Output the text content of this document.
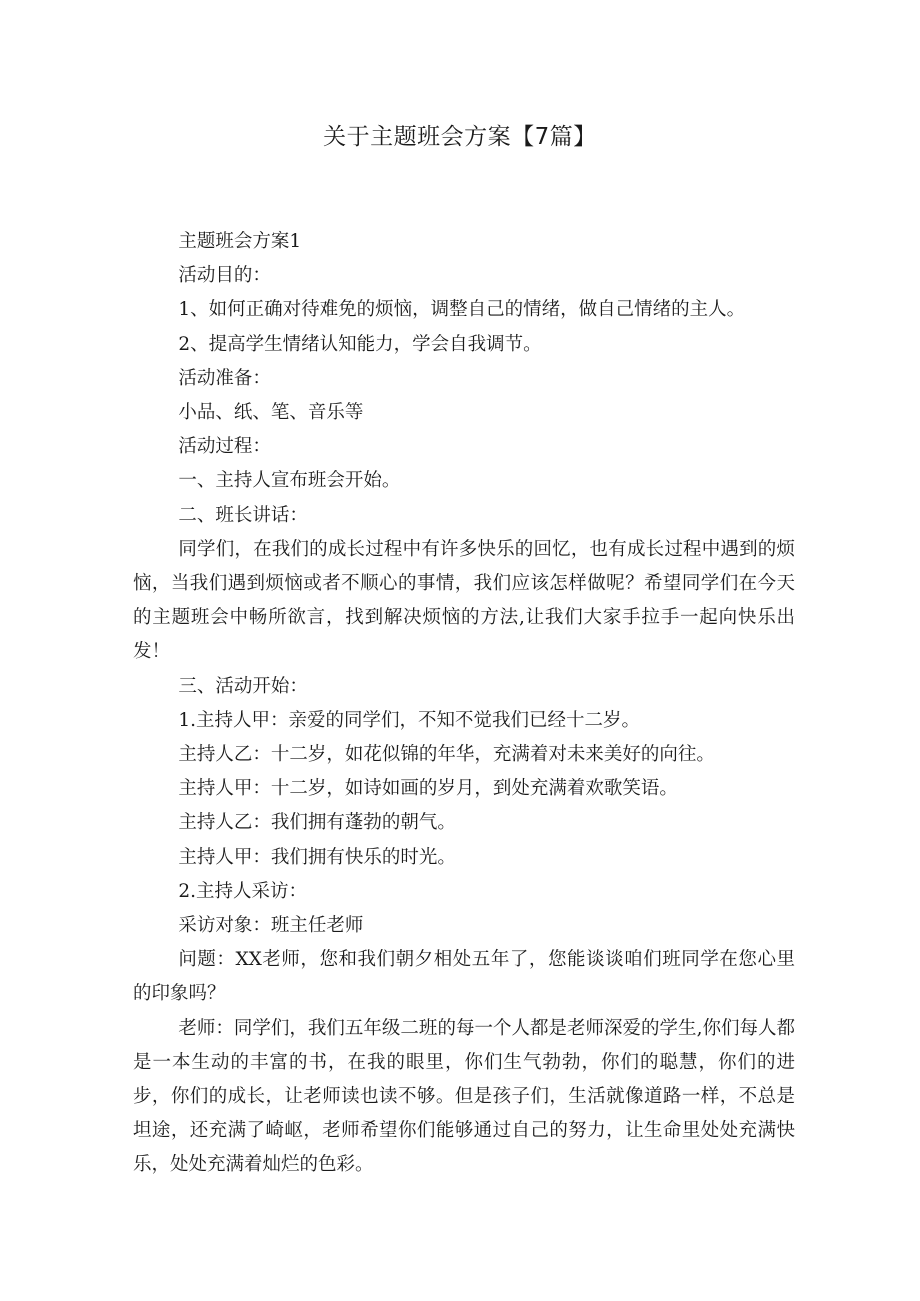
关于主题班会方案【7篇】

主题班会方案1

活动目的：

1、如何正确对待难免的烦恼，调整自己的情绪，做自己情绪的主人。

2、提高学生情绪认知能力，学会自我调节。

活动准备：

小品、纸、笔、音乐等

活动过程：

一、主持人宣布班会开始。

二、班长讲话：

同学们，在我们的成长过程中有许多快乐的回忆，也有成长过程中遇到的烦恼，当我们遇到烦恼或者不顺心的事情，我们应该怎样做呢？希望同学们在今天的主题班会中畅所欲言，找到解决烦恼的方法,让我们大家手拉手一起向快乐出发！

三、活动开始：

1.主持人甲：亲爱的同学们，不知不觉我们已经十二岁。

主持人乙：十二岁，如花似锦的年华，充满着对未来美好的向往。

主持人甲：十二岁，如诗如画的岁月，到处充满着欢歌笑语。

主持人乙：我们拥有蓬勃的朝气。

主持人甲：我们拥有快乐的时光。

2.主持人采访：

采访对象：班主任老师

问题：XX老师，您和我们朝夕相处五年了，您能谈谈咱们班同学在您心里的印象吗？

老师：同学们，我们五年级二班的每一个人都是老师深爱的学生,你们每人都是一本生动的丰富的书，在我的眼里，你们生气勃勃，你们的聪慧，你们的进步，你们的成长，让老师读也读不够。但是孩子们，生活就像道路一样，不总是坦途，还充满了崎岖，老师希望你们能够通过自己的努力，让生命里处处充满快乐，处处充满着灿烂的色彩。
